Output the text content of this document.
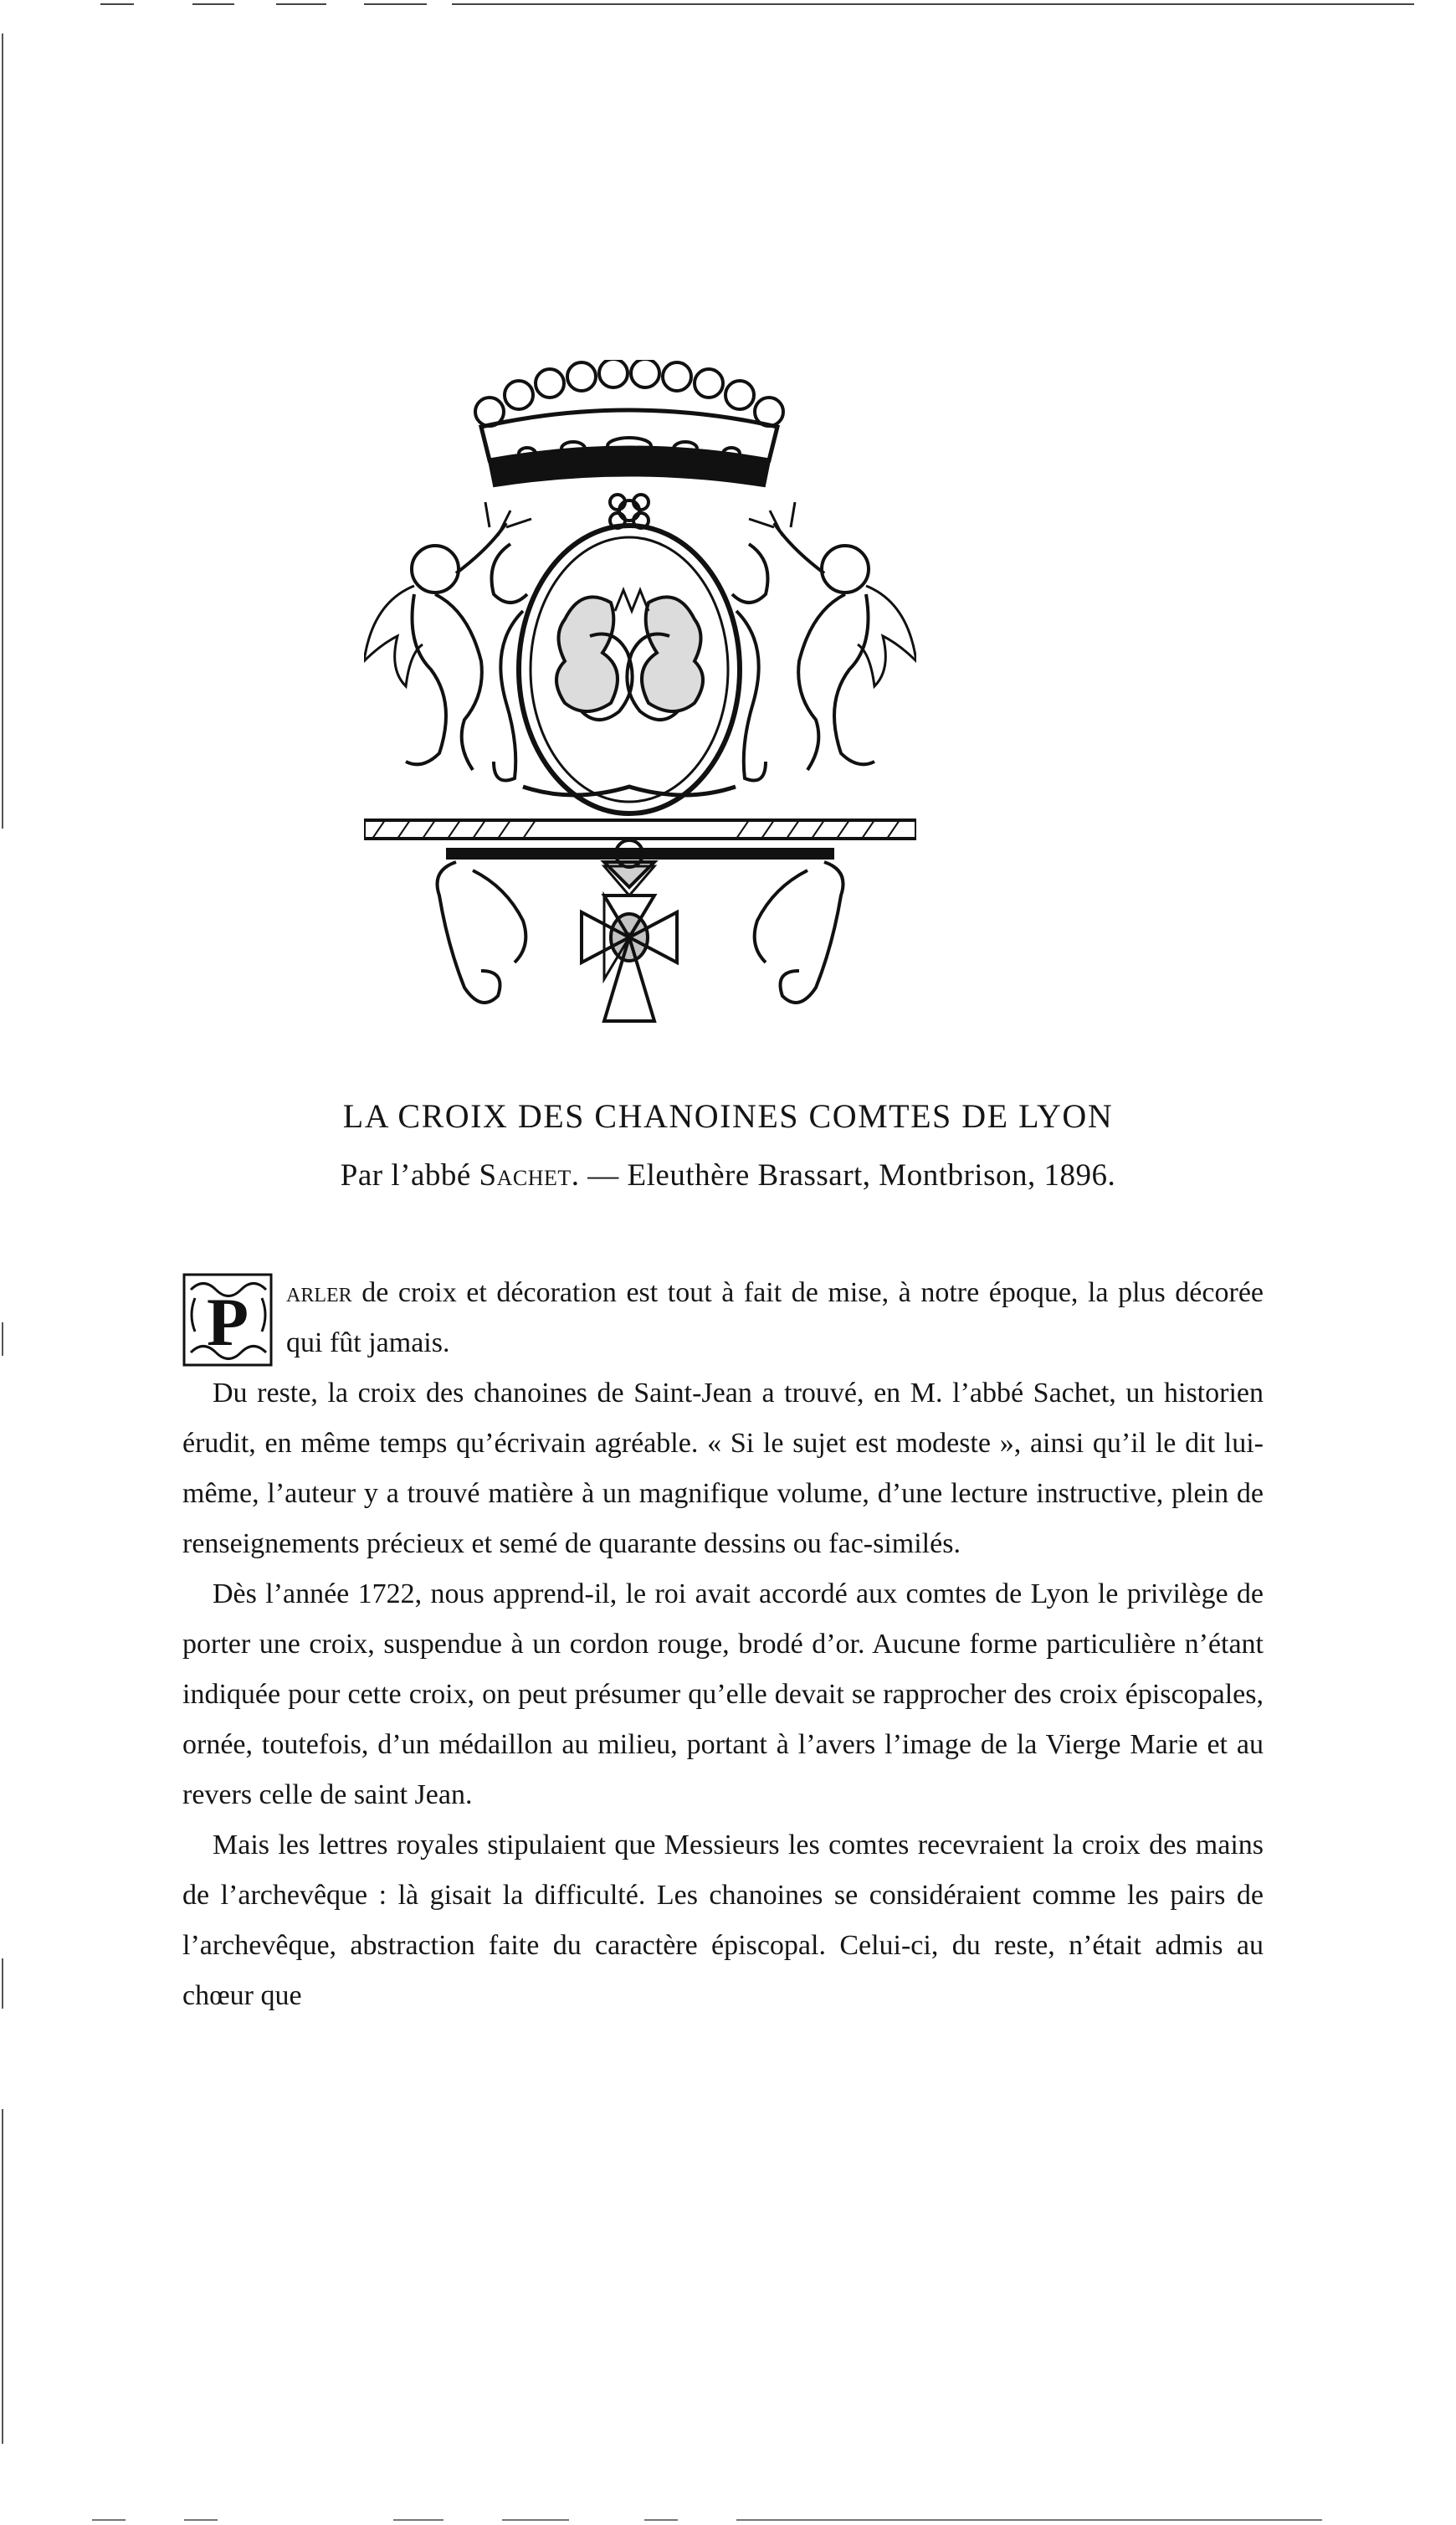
LA CROIX DES CHANOINES COMTES DE LYON
Par l’abbé Sachet. — Eleuthère Brassart, Montbrison, 1896.

P arler de croix et décoration est tout à fait de mise, à notre époque, la plus décorée qui fût jamais.

Du reste, la croix des chanoines de Saint-Jean a trouvé, en M. l’abbé Sachet, un historien érudit, en même temps qu’écrivain agréable. « Si le sujet est modeste », ainsi qu’il le dit lui-même, l’auteur y a trouvé matière à un magnifique volume, d’une lecture instructive, plein de renseignements précieux et semé de quarante dessins ou fac-similés.

Dès l’année 1722, nous apprend-il, le roi avait accordé aux comtes de Lyon le privilège de porter une croix, suspendue à un cordon rouge, brodé d’or. Aucune forme particulière n’étant indiquée pour cette croix, on peut présumer qu’elle devait se rapprocher des croix épiscopales, ornée, toutefois, d’un médaillon au milieu, portant à l’avers l’image de la Vierge Marie et au revers celle de saint Jean.

Mais les lettres royales stipulaient que Messieurs les comtes recevraient la croix des mains de l’archevêque : là gisait la difficulté. Les chanoines se considéraient comme les pairs de l’archevêque, abstraction faite du caractère épiscopal. Celui-ci, du reste, n’était admis au chœur que
